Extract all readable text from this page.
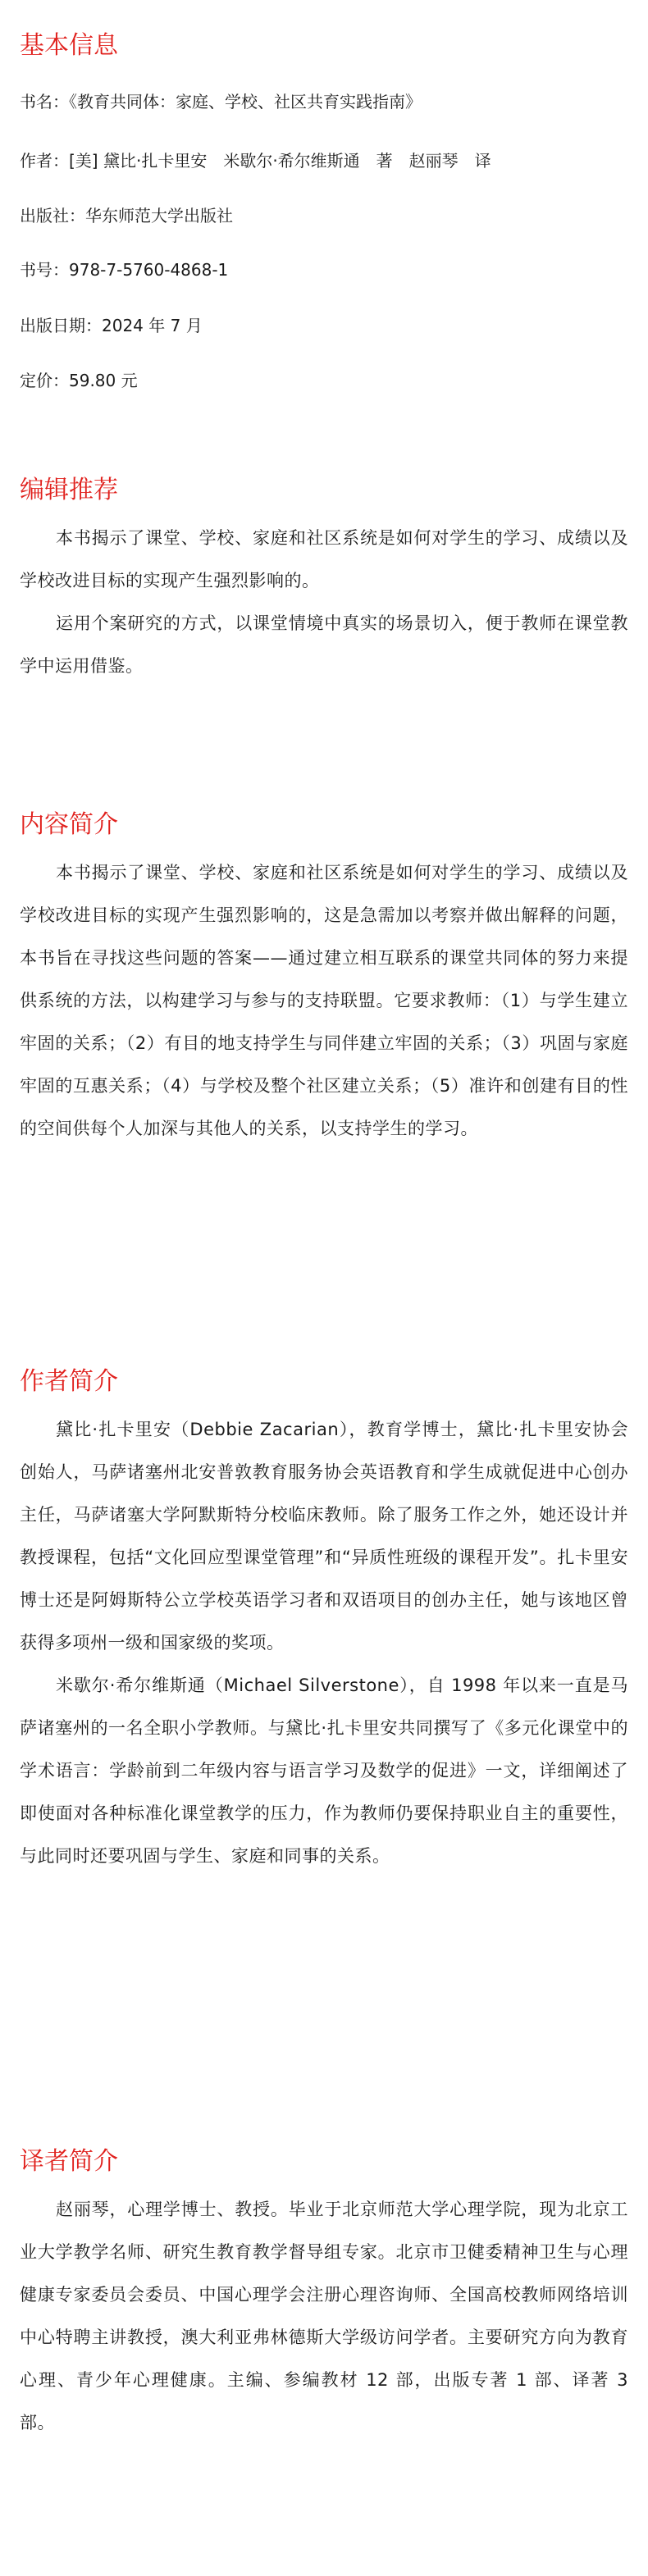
基本信息

书名：《教育共同体：家庭、学校、社区共育实践指南》

作者：[美] 黛比·扎卡里安　米歇尔·希尔维斯通　著　赵丽琴　译

出版社：华东师范大学出版社

书号：978-7-5760-4868-1

出版日期：2024 年 7 月

定价：59.80 元

编辑推荐

本书揭示了课堂、学校、家庭和社区系统是如何对学生的学习、成绩以及学校改进目标的实现产生强烈影响的。

运用个案研究的方式，以课堂情境中真实的场景切入，便于教师在课堂教学中运用借鉴。

内容简介

本书揭示了课堂、学校、家庭和社区系统是如何对学生的学习、成绩以及学校改进目标的实现产生强烈影响的，这是急需加以考察并做出解释的问题，本书旨在寻找这些问题的答案——通过建立相互联系的课堂共同体的努力来提供系统的方法，以构建学习与参与的支持联盟。它要求教师：（1）与学生建立牢固的关系；（2）有目的地支持学生与同伴建立牢固的关系；（3）巩固与家庭牢固的互惠关系；（4）与学校及整个社区建立关系；（5）准许和创建有目的性的空间供每个人加深与其他人的关系，以支持学生的学习。

作者简介

黛比·扎卡里安（Debbie Zacarian），教育学博士，黛比·扎卡里安协会创始人，马萨诸塞州北安普敦教育服务协会英语教育和学生成就促进中心创办主任，马萨诸塞大学阿默斯特分校临床教师。除了服务工作之外，她还设计并教授课程，包括“文化回应型课堂管理”和“异质性班级的课程开发”。扎卡里安博士还是阿姆斯特公立学校英语学习者和双语项目的创办主任，她与该地区曾获得多项州一级和国家级的奖项。

米歇尔·希尔维斯通（Michael Silverstone），自 1998 年以来一直是马萨诸塞州的一名全职小学教师。与黛比·扎卡里安共同撰写了《多元化课堂中的学术语言：学龄前到二年级内容与语言学习及数学的促进》一文，详细阐述了即使面对各种标准化课堂教学的压力，作为教师仍要保持职业自主的重要性，与此同时还要巩固与学生、家庭和同事的关系。

译者简介

赵丽琴，心理学博士、教授。毕业于北京师范大学心理学院，现为北京工业大学教学名师、研究生教育教学督导组专家。北京市卫健委精神卫生与心理健康专家委员会委员、中国心理学会注册心理咨询师、全国高校教师网络培训中心特聘主讲教授，澳大利亚弗林德斯大学级访问学者。主要研究方向为教育心理、青少年心理健康。主编、参编教材 12 部，出版专著 1 部、译著 3 部。
